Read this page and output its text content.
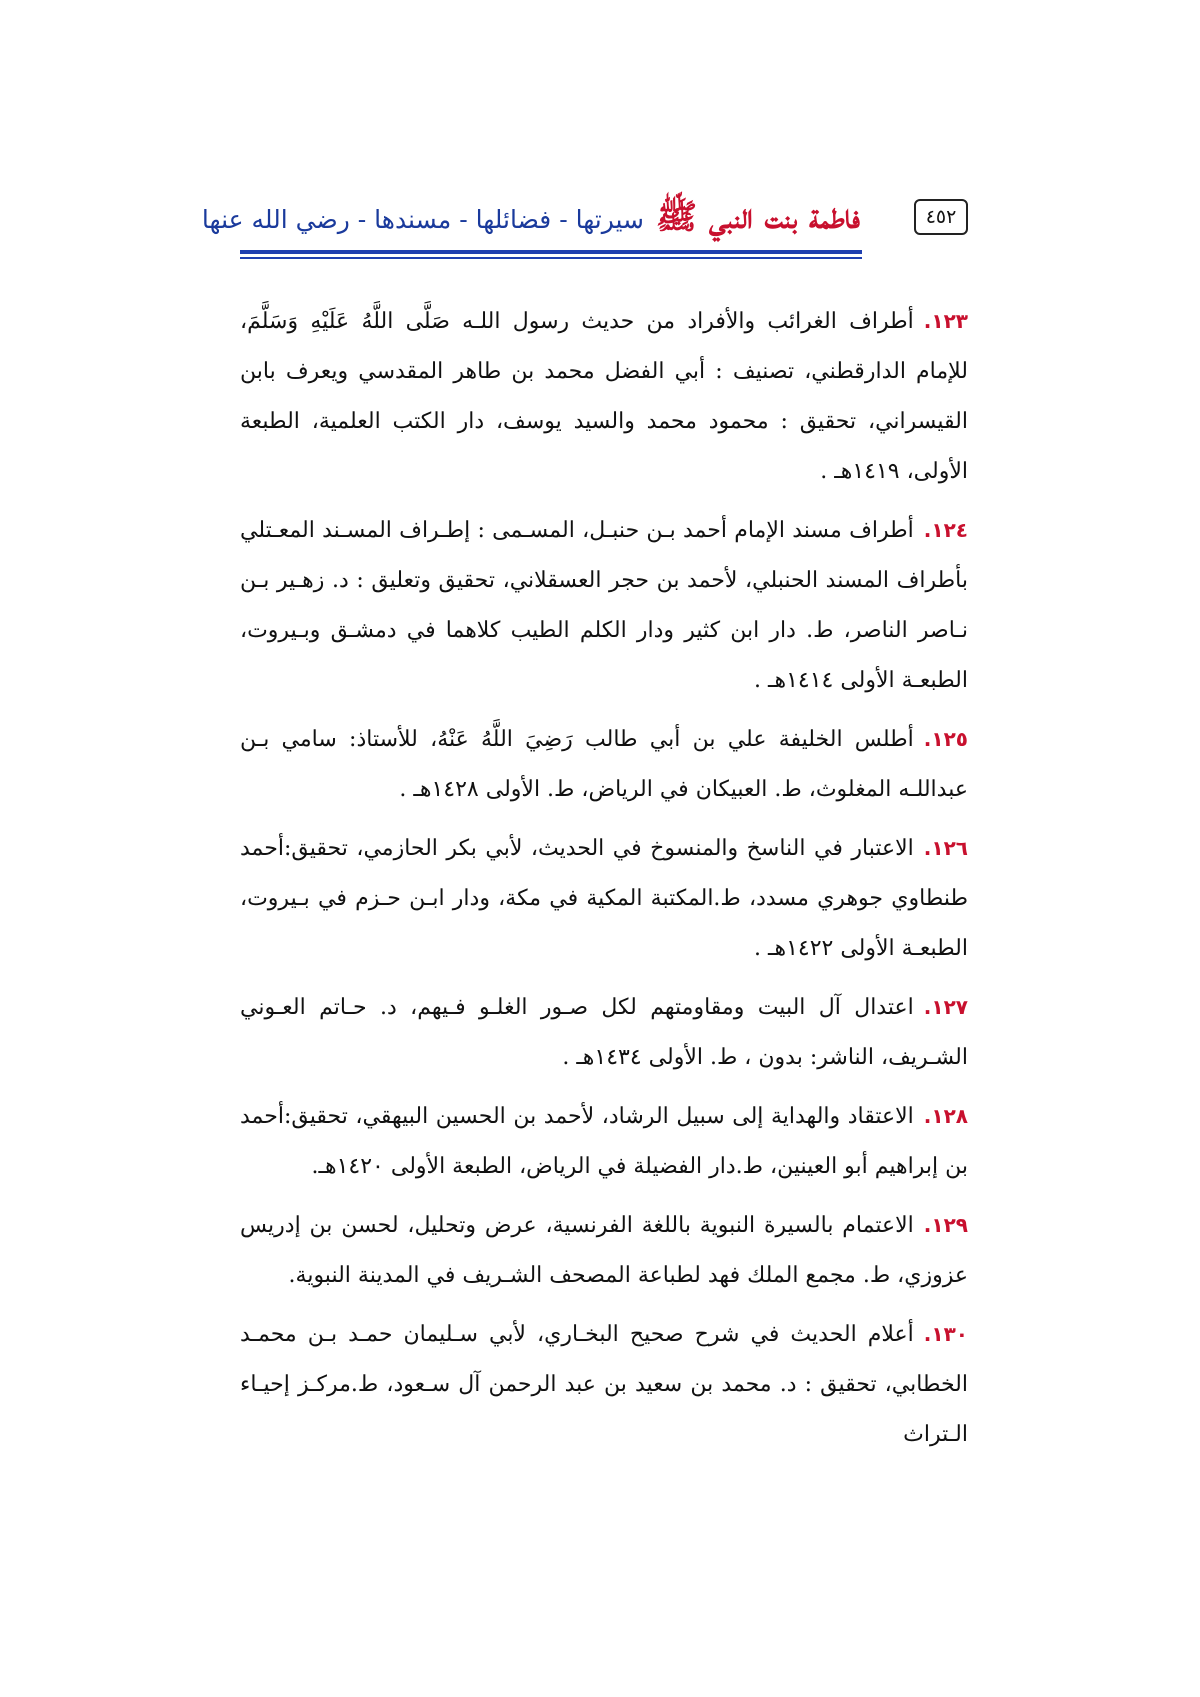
فاطمة بنت النبي ﷺسيرتها - فضائلها - مسندها - رضي الله عنها	٤٥٢

١٢٣.أطراف الغرائب والأفراد من حديث رسول اللـه صَلَّى اللَّهُ عَلَيْهِ وَسَلَّمَ، للإمام الدارقطني، تصنيف : أبي الفضل محمد بن طاهر المقدسي ويعرف بابن القيسراني، تحقيق : محمود محمد والسيد يوسف، دار الكتب العلمية، الطبعة الأولى، ١٤١٩هـ .

١٢٤.أطراف مسند الإمام أحمد بـن حنبـل، المسـمى : إطـراف المسـند المعـتلي بأطراف المسند الحنبلي، لأحمد بن حجر العسقلاني، تحقيق وتعليق : د. زهـير بـن نـاصر الناصر، ط. دار ابن كثير ودار الكلم الطيب كلاهما في دمشـق وبـيروت، الطبعـة الأولى ١٤١٤هـ .

١٢٥.أطلس الخليفة علي بن أبي طالب رَضِيَ اللَّهُ عَنْهُ، للأستاذ: سامي بـن عبداللـه المغلوث، ط. العبيكان في الرياض، ط. الأولى ١٤٢٨هـ .

١٢٦.الاعتبار في الناسخ والمنسوخ في الحديث، لأبي بكر الحازمي، تحقيق:أحمد طنطاوي جوهري مسدد، ط.المكتبة المكية في مكة، ودار ابـن حـزم في بـيروت، الطبعـة الأولى ١٤٢٢هـ .

١٢٧.اعتدال آل البيت ومقاومتهم لكل صـور الغلـو فـيهم، د. حـاتم العـوني الشـريف، الناشر: بدون ، ط. الأولى ١٤٣٤هـ .

١٢٨.الاعتقاد والهداية إلى سبيل الرشاد، لأحمد بن الحسين البيهقي، تحقيق:أحمد بن إبراهيم أبو العينين، ط.دار الفضيلة في الرياض، الطبعة الأولى ١٤٢٠هـ.

١٢٩.الاعتمام بالسيرة النبوية باللغة الفرنسية، عرض وتحليل، لحسن بن إدريس عزوزي، ط. مجمع الملك فهد لطباعة المصحف الشـريف في المدينة النبوية.

١٣٠.أعلام الحديث في شرح صحيح البخـاري، لأبي سـليمان حمـد بـن محمـد الخطابي، تحقيق : د. محمد بن سعيد بن عبد الرحمن آل سـعود، ط.مركـز إحيـاء الـتراث
